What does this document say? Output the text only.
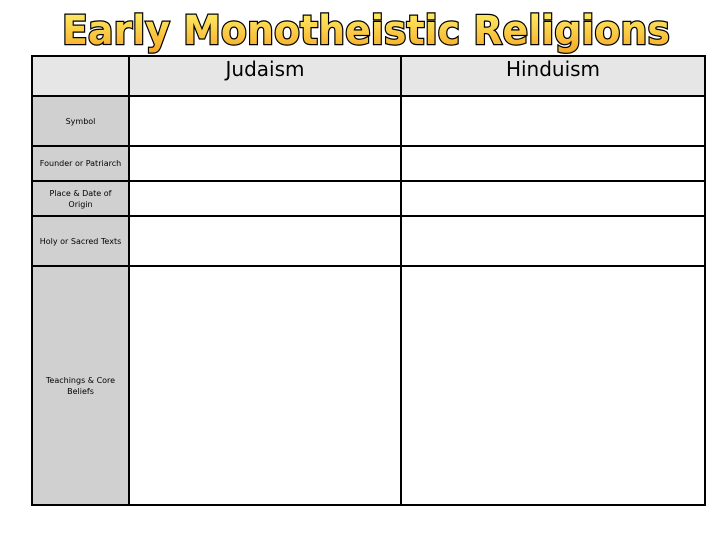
Early Monotheistic Religions
	Judaism	Hinduism
Symbol		
Founder or Patriarch		
Place & Date of Origin		
Holy or Sacred Texts		
Teachings & Core Beliefs		
